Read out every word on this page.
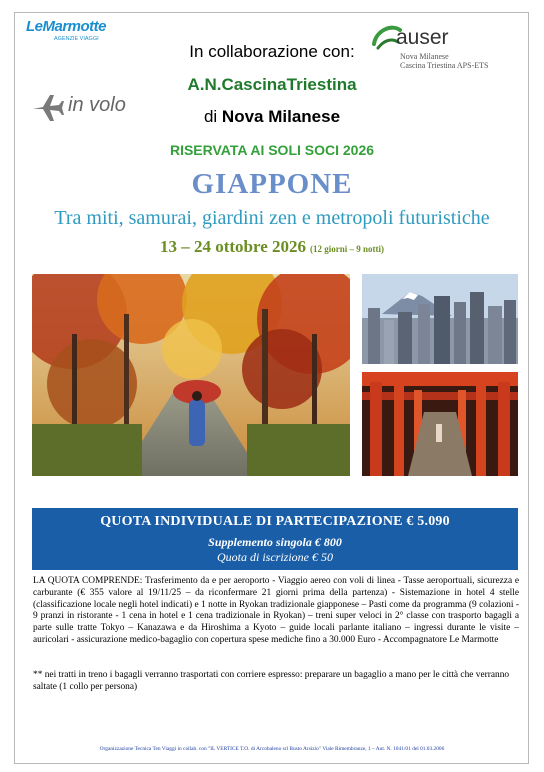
LeMarmotte
AGENZIE VIAGGI	auser
Nova Milanese
Cascina Triestina APS-ETS
In collaborazione con:
A.N.CascinaTriestina
di Nova Milanese
in volo
RISERVATA AI SOLI SOCI 2026
GIAPPONE
Tra miti, samurai, giardini zen e metropoli futuristiche
13 – 24 ottobre 2026 (12 giorni – 9 notti)
QUOTA INDIVIDUALE DI PARTECIPAZIONE € 5.090
Supplemento singola € 800
Quota di iscrizione € 50
LA QUOTA COMPRENDE: Trasferimento da e per aeroporto - Viaggio aereo con voli di linea - Tasse aeroportuali, sicurezza e carburante (€ 355 valore al 19/11/25 – da riconfermare 21 giorni prima della partenza) - Sistemazione in hotel 4 stelle (classificazione locale negli hotel indicati) e 1 notte in Ryokan tradizionale giapponese – Pasti come da programma (9 colazioni - 9 pranzi in ristorante - 1 cena in hotel e 1 cena tradizionale in Ryokan) – treni super veloci in 2° classe con trasporto bagagli a parte sulle tratte Tokyo – Kanazawa e da Hiroshima a Kyoto – guide locali parlante italiano – ingressi durante le visite – auricolari - assicurazione medico-bagaglio con copertura spese mediche fino a 30.000 Euro - Accompagnatore Le Marmotte
** nei tratti in treno i bagagli verranno trasportati con corriere espresso: preparare un bagaglio a mano per le città che verranno saltate (1 collo per persona)
Organizzazione Tecnica Ten Viaggi in collab. con "IL VERTICE T.O. di Arcobaleno srl Busto Arsizio" Viale Rimembranze, 1 – Aut. N. 1041/01 del 01.03.2006
